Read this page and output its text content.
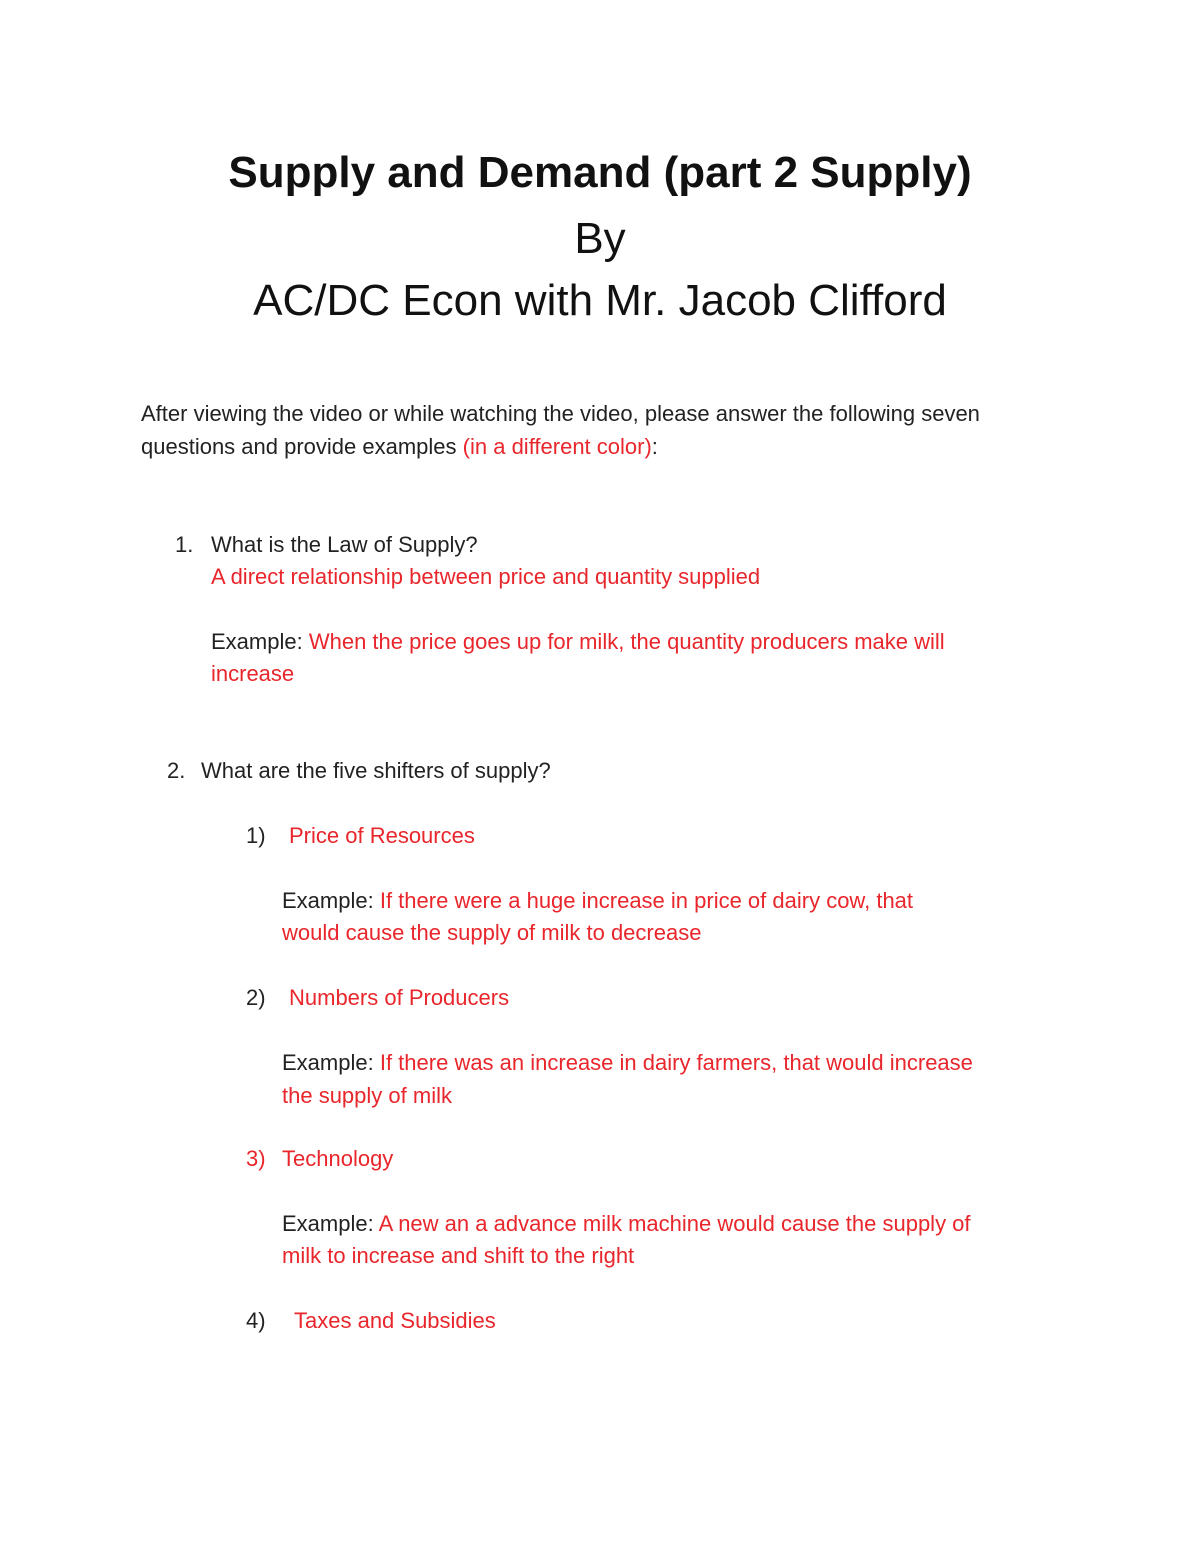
Supply and Demand (part 2 Supply)

By

AC/DC Econ with Mr. Jacob Clifford

After viewing the video or while watching the video, please answer the following seven

questions and provide examples (in a different color):

1. What is the Law of Supply?

A direct relationship between price and quantity supplied

Example: When the price goes up for milk, the quantity producers make will

increase

2. What are the five shifters of supply?

1) Price of Resources

Example: If there were a huge increase in price of dairy cow, that

would cause the supply of milk to decrease

2) Numbers of Producers

Example: If there was an increase in dairy farmers, that would increase

the supply of milk

3) Technology

Example: A new an a advance milk machine would cause the supply of

milk to increase and shift to the right

4) Taxes and Subsidies
